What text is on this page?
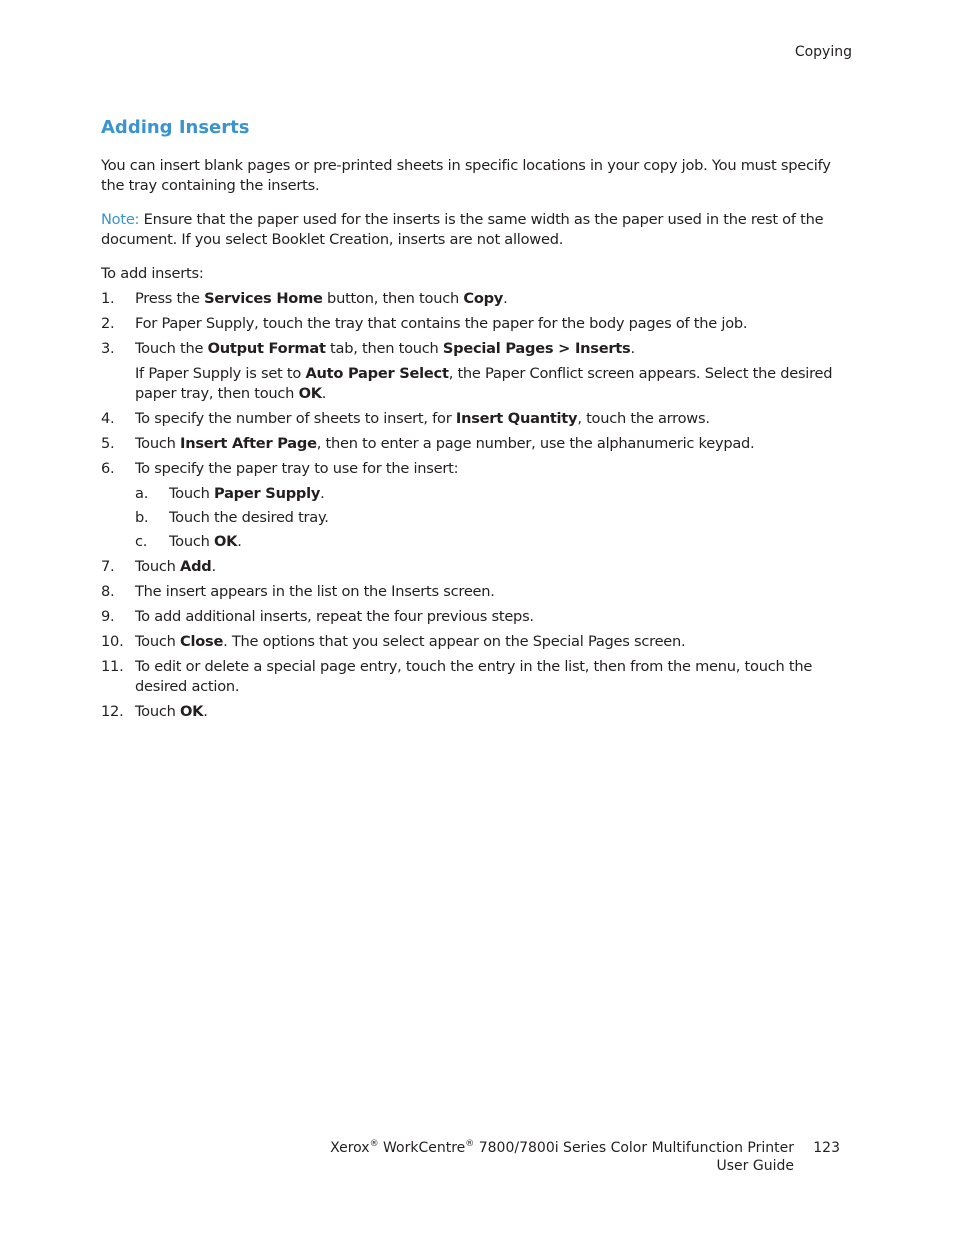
Copying
Adding Inserts

You can insert blank pages or pre-printed sheets in specific locations in your copy job. You must specify the tray containing the inserts.

Note: Ensure that the paper used for the inserts is the same width as the paper used in the rest of the document. If you select Booklet Creation, inserts are not allowed.

To add inserts:

1. Press the Services Home button, then touch Copy.
2. For Paper Supply, touch the tray that contains the paper for the body pages of the job.
3. Touch the Output Format tab, then touch Special Pages > Inserts.

If Paper Supply is set to Auto Paper Select, the Paper Conflict screen appears. Select the desired paper tray, then touch OK.

4. To specify the number of sheets to insert, for Insert Quantity, touch the arrows.
5. Touch Insert After Page, then to enter a page number, use the alphanumeric keypad.
6. To specify the paper tray to use for the insert:
a. Touch Paper Supply.
b. Touch the desired tray.
c. Touch OK.
7. Touch Add.
8. The insert appears in the list on the Inserts screen.
9. To add additional inserts, repeat the four previous steps.
10. Touch Close. The options that you select appear on the Special Pages screen.
11. To edit or delete a special page entry, touch the entry in the list, then from the menu, touch the desired action.
12. Touch OK.
Xerox® WorkCentre® 7800/7800i Series Color Multifunction Printer
User Guide
123
